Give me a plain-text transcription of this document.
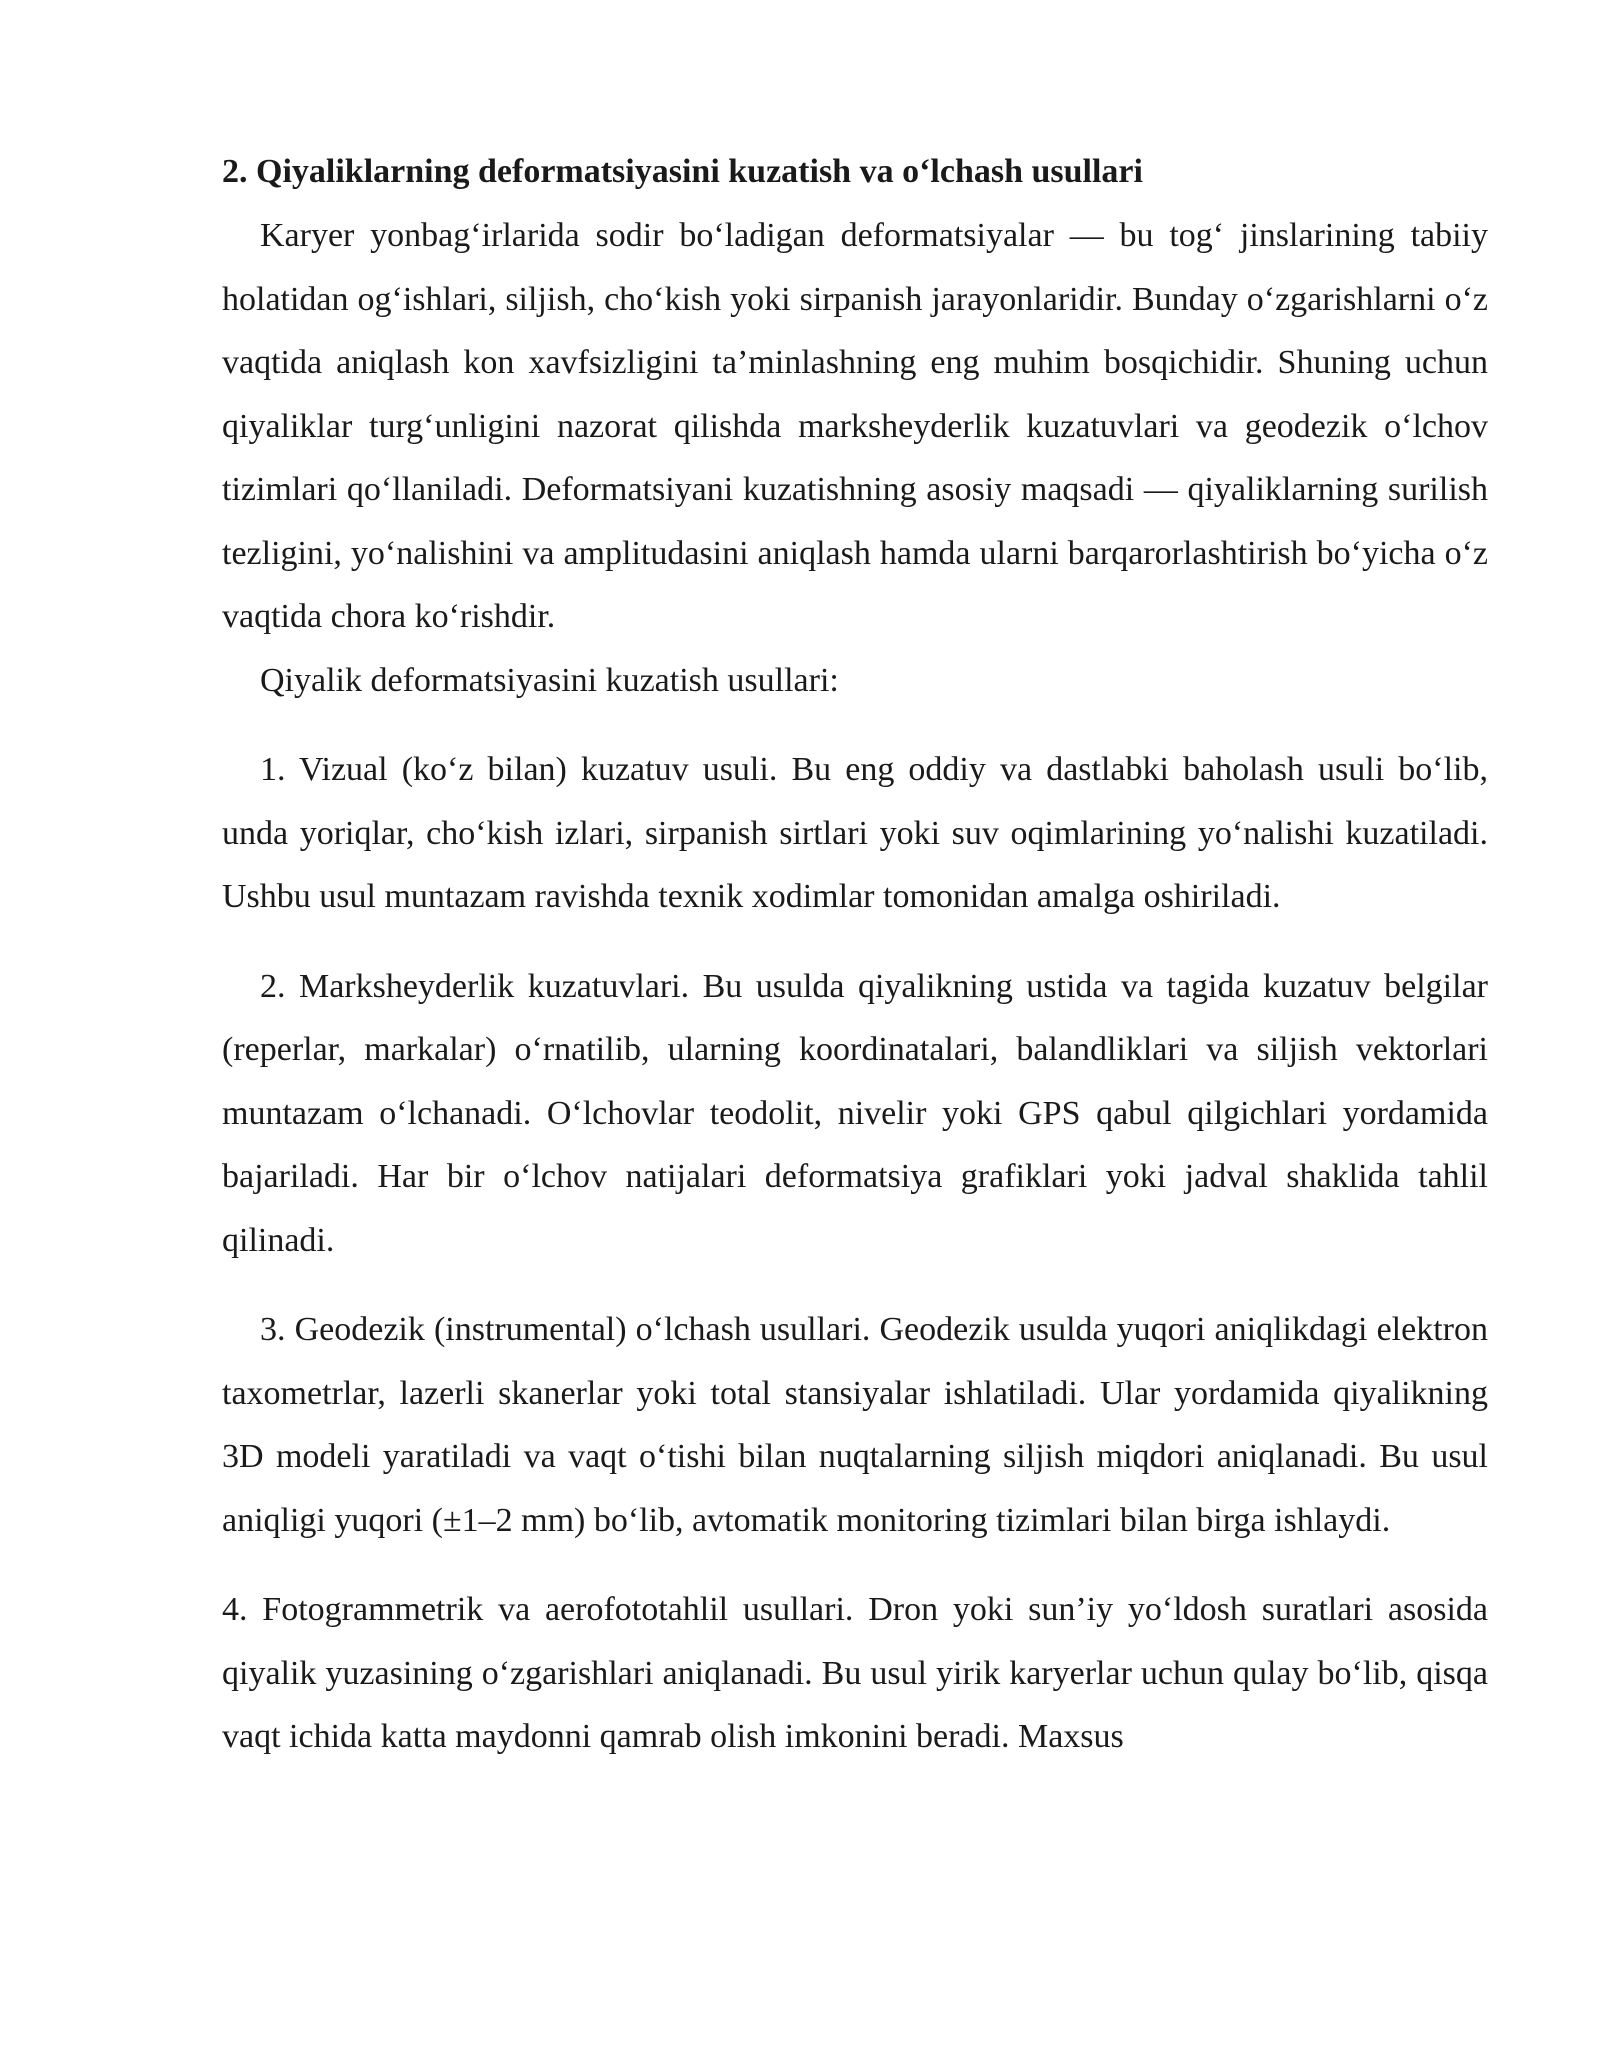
2. Qiyaliklarning deformatsiyasini kuzatish va o‘lchash usullari

Karyer yonbag‘irlarida sodir bo‘ladigan deformatsiyalar — bu tog‘ jinslarining tabiiy holatidan og‘ishlari, siljish, cho‘kish yoki sirpanish jarayonlaridir. Bunday o‘zgarishlarni o‘z vaqtida aniqlash kon xavfsizligini ta’minlashning eng muhim bosqichidir. Shuning uchun qiyaliklar turg‘unligini nazorat qilishda marksheyderlik kuzatuvlari va geodezik o‘lchov tizimlari qo‘llaniladi. Deformatsiyani kuzatishning asosiy maqsadi — qiyaliklarning surilish tezligini, yo‘nalishini va amplitudasini aniqlash hamda ularni barqarorlashtirish bo‘yicha o‘z vaqtida chora ko‘rishdir.

Qiyalik deformatsiyasini kuzatish usullari:

1. Vizual (ko‘z bilan) kuzatuv usuli. Bu eng oddiy va dastlabki baholash usuli bo‘lib, unda yoriqlar, cho‘kish izlari, sirpanish sirtlari yoki suv oqimlarining yo‘nalishi kuzatiladi. Ushbu usul muntazam ravishda texnik xodimlar tomonidan amalga oshiriladi.

2. Marksheyderlik kuzatuvlari. Bu usulda qiyalikning ustida va tagida kuzatuv belgilar (reperlar, markalar) o‘rnatilib, ularning koordinatalari, balandliklari va siljish vektorlari muntazam o‘lchanadi. O‘lchovlar teodolit, nivelir yoki GPS qabul qilgichlari yordamida bajariladi. Har bir o‘lchov natijalari deformatsiya grafiklari yoki jadval shaklida tahlil qilinadi.

3. Geodezik (instrumental) o‘lchash usullari. Geodezik usulda yuqori aniqlikdagi elektron taxometrlar, lazerli skanerlar yoki total stansiyalar ishlatiladi. Ular yordamida qiyalikning 3D modeli yaratiladi va vaqt o‘tishi bilan nuqtalarning siljish miqdori aniqlanadi. Bu usul aniqligi yuqori (±1–2 mm) bo‘lib, avtomatik monitoring tizimlari bilan birga ishlaydi.

4. Fotogrammetrik va aerofototahlil usullari. Dron yoki sun’iy yo‘ldosh suratlari asosida qiyalik yuzasining o‘zgarishlari aniqlanadi. Bu usul yirik karyerlar uchun qulay bo‘lib, qisqa vaqt ichida katta maydonni qamrab olish imkonini beradi. Maxsus
